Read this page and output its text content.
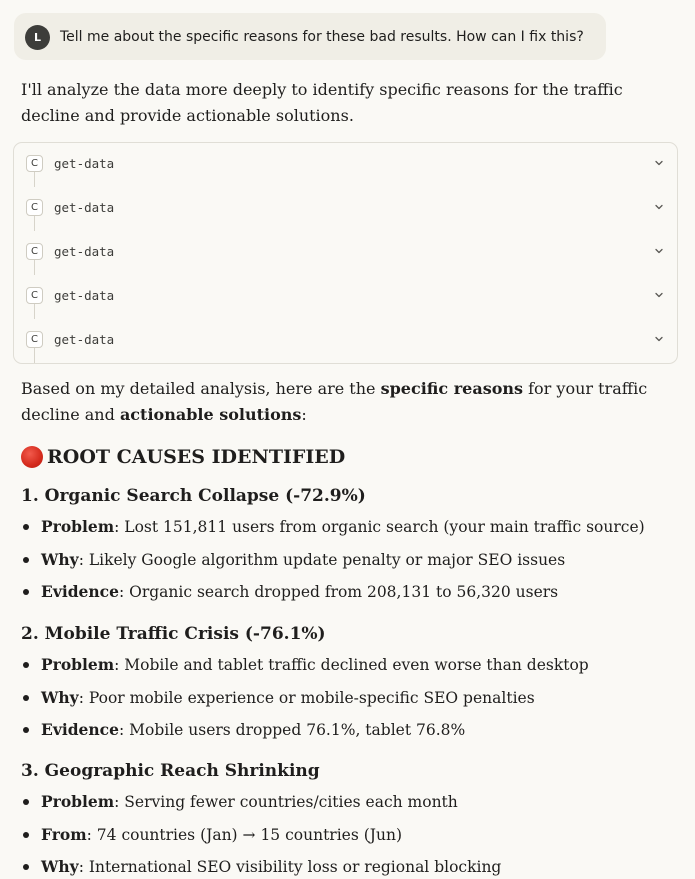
L	Tell me about the specific reasons for these bad results. How can I fix this?

I'll analyze the data more deeply to identify specific reasons for the traffic decline and provide actionable solutions.

C	get-data
C	get-data
C	get-data
C	get-data
C	get-data

Based on my detailed analysis, here are the specific reasons for your traffic decline and actionable solutions:

ROOT CAUSES IDENTIFIED
1. Organic Search Collapse (-72.9%)
Problem: Lost 151,811 users from organic search (your main traffic source)
Why: Likely Google algorithm update penalty or major SEO issues
Evidence: Organic search dropped from 208,131 to 56,320 users
2. Mobile Traffic Crisis (-76.1%)
Problem: Mobile and tablet traffic declined even worse than desktop
Why: Poor mobile experience or mobile-specific SEO penalties
Evidence: Mobile users dropped 76.1%, tablet 76.8%
3. Geographic Reach Shrinking
Problem: Serving fewer countries/cities each month
From: 74 countries (Jan) → 15 countries (Jun)
Why: International SEO visibility loss or regional blocking
